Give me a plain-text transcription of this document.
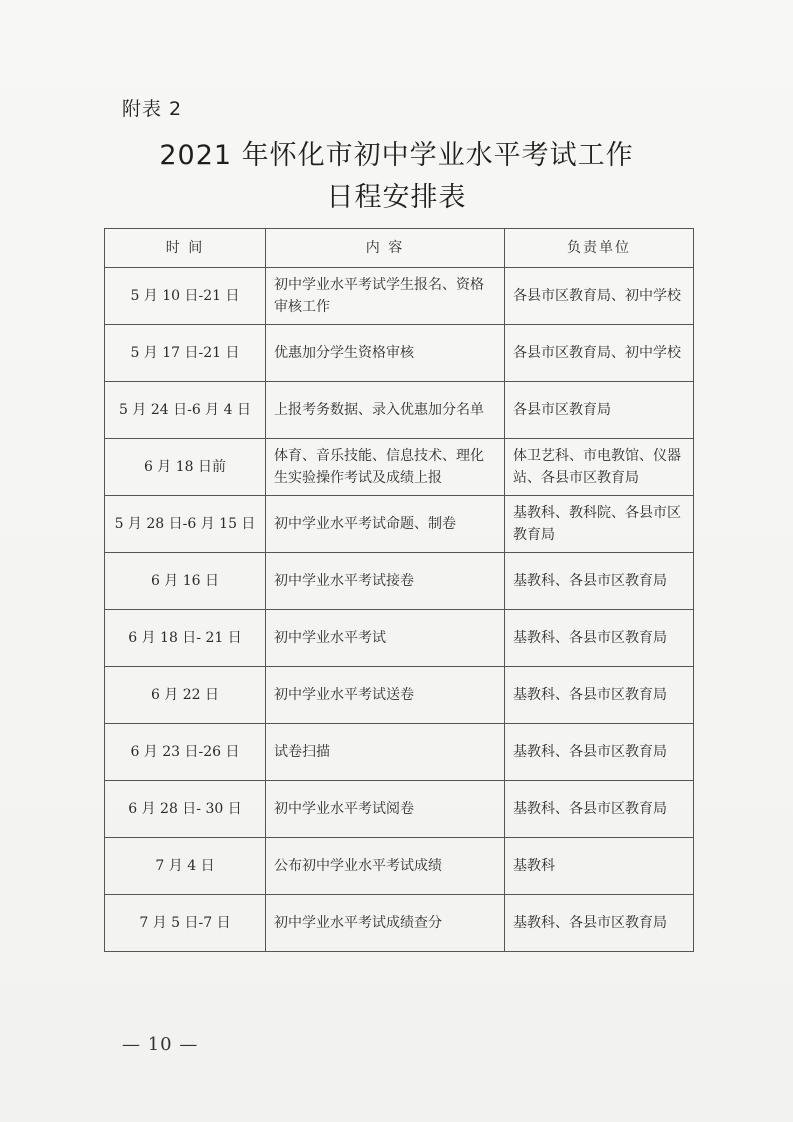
附表 2
2021 年怀化市初中学业水平考试工作
日程安排表
时 间	内 容	负责单位
5 月 10 日-21 日	初中学业水平考试学生报名、资格审核工作	各县市区教育局、初中学校
5 月 17 日-21 日	优惠加分学生资格审核	各县市区教育局、初中学校
5 月 24 日-6 月 4 日	上报考务数据、录入优惠加分名单	各县市区教育局
6 月 18 日前	体育、音乐技能、信息技术、理化生实验操作考试及成绩上报	体卫艺科、市电教馆、仪器站、各县市区教育局
5 月 28 日-6 月 15 日	初中学业水平考试命题、制卷	基教科、教科院、各县市区教育局
6 月 16 日	初中学业水平考试接卷	基教科、各县市区教育局
6 月 18 日- 21 日	初中学业水平考试	基教科、各县市区教育局
6 月 22 日	初中学业水平考试送卷	基教科、各县市区教育局
6 月 23 日-26 日	试卷扫描	基教科、各县市区教育局
6 月 28 日- 30 日	初中学业水平考试阅卷	基教科、各县市区教育局
7 月 4 日	公布初中学业水平考试成绩	基教科
7 月 5 日-7 日	初中学业水平考试成绩查分	基教科、各县市区教育局
— 10 —
